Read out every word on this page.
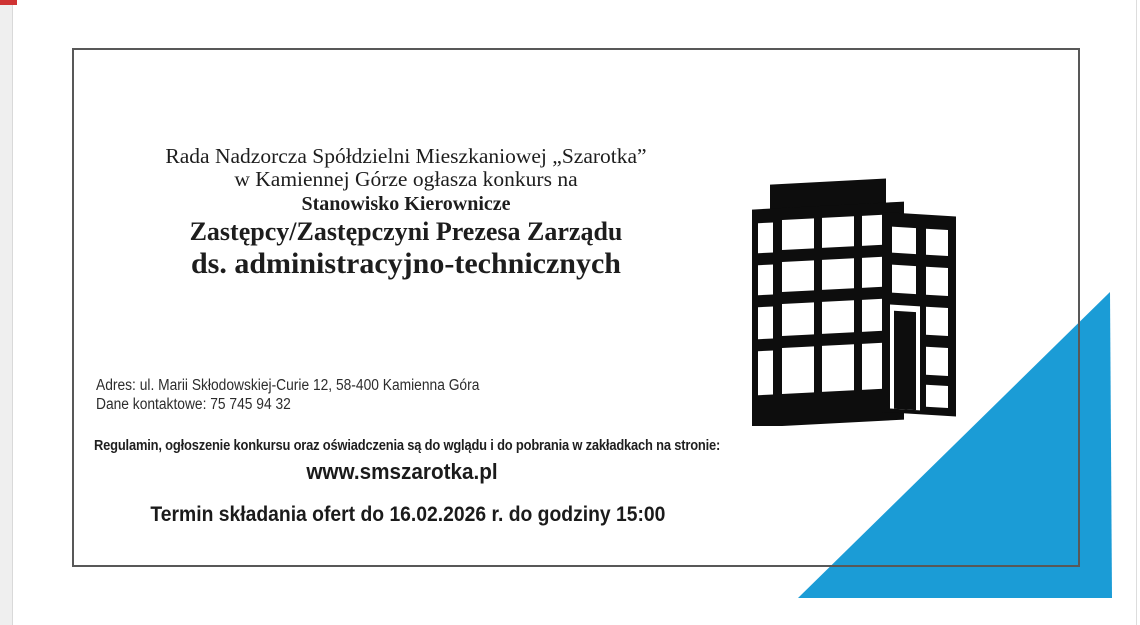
Rada Nadzorcza Spółdzielni Mieszkaniowej „Szarotka”
w Kamiennej Górze ogłasza konkurs na
Stanowisko Kierownicze
Zastępcy/Zastępczyni Prezesa Zarządu
ds. administracyjno-technicznych
Adres: ul. Marii Skłodowskiej-Curie 12, 58-400 Kamienna Góra
Dane kontaktowe: 75 745 94 32
Regulamin, ogłoszenie konkursu oraz oświadczenia są do wglądu i do pobrania w zakładkach na stronie:
www.smszarotka.pl
Termin składania ofert do 16.02.2026 r. do godziny 15:00
